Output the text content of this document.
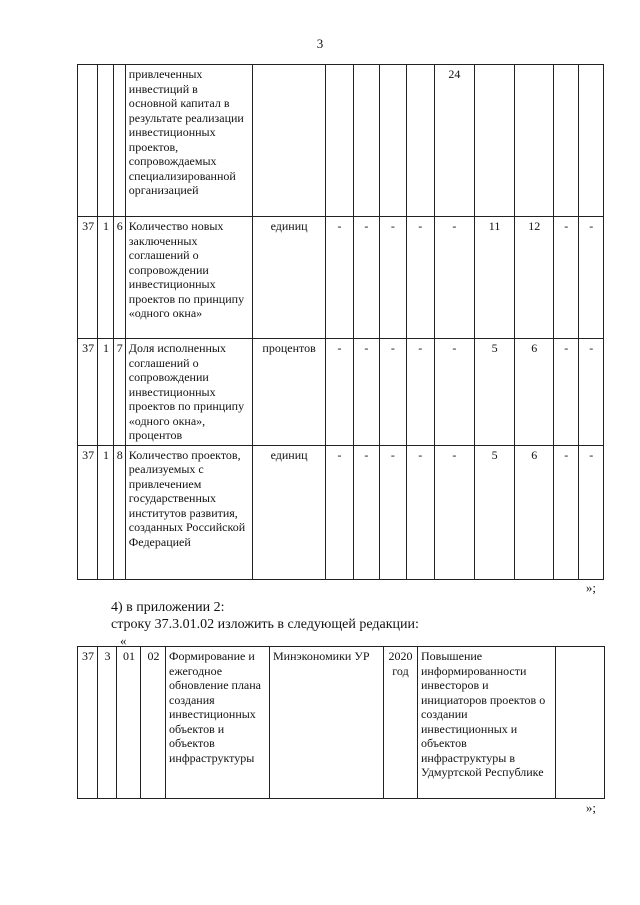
3
			привлеченных инвестиций в основной капитал в результате реализации инвестиционных проектов, сопровождаемых специализированной организацией						24				
37	1	6	Количество новых заключенных соглашений о сопровождении инвестиционных проектов по принципу «одного окна»	единиц	-	-	-	-	-	11	12	-	-
37	1	7	Доля исполненных соглашений о сопровождении инвестиционных проектов по принципу «одного окна», процентов	процентов	-	-	-	-	-	5	6	-	-
37	1	8	Количество проектов, реализуемых с привлечением государственных институтов развития, созданных Российской Федерацией	единиц	-	-	-	-	-	5	6	-	-
»;
4) в приложении 2:
строку 37.3.01.02 изложить в следующей редакции:
«
37	3	01	02	Формирование и ежегодное обновление плана создания инвестиционных объектов и объектов инфраструктуры	Минэкономики УР	2020 год	Повышение информированности инвесторов и инициаторов проектов о создании инвестиционных и объектов инфраструктуры в Удмуртской Республике	
»;
